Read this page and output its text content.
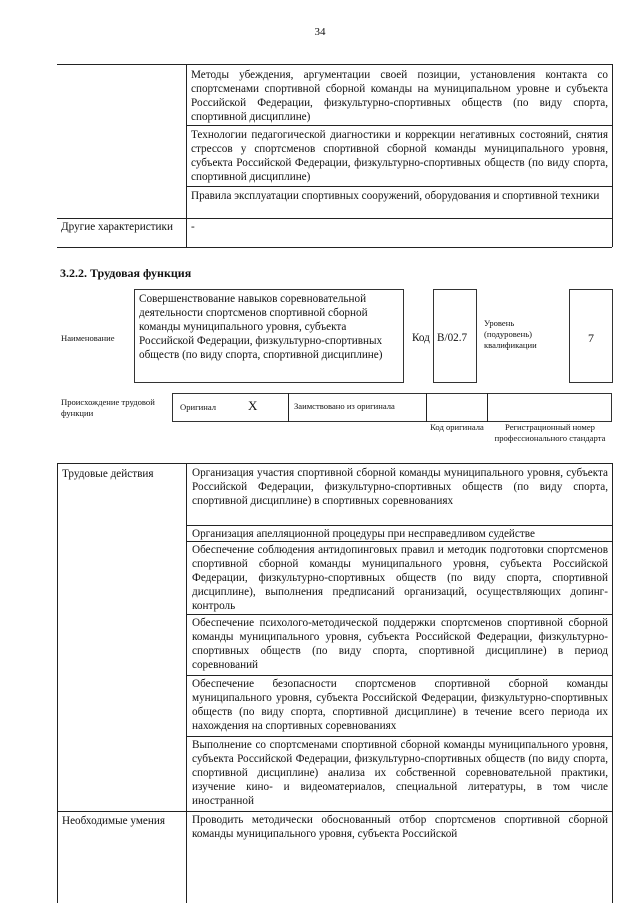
34
Методы убеждения, аргументации своей позиции, установления контакта со спортсменами спортивной сборной команды на муниципальном уровне и субъекта Российской Федерации, физкультурно-спортивных обществ (по виду спорта, спортивной дисциплине)
Технологии педагогической диагностики и коррекции негативных состояний, снятия стрессов у спортсменов спортивной сборной команды муниципального уровня, субъекта Российской Федерации, физкультурно-спортивных обществ (по виду спорта, спортивной дисциплине)
Правила эксплуатации спортивных сооружений, оборудования и спортивной техники
Другие характеристики	-
3.2.2. Трудовая функция
Наименование
Совершенствование навыков соревновательной деятельности спортсменов спортивной сборной команды муниципального уровня, субъекта Российской Федерации, физкультурно-спортивных обществ (по виду спорта, спортивной дисциплине)
Код B/02.7
Уровень (подуровень) квалификации	7
Происхождение трудовой функции
Оригинал X	Заимствовано из оригинала
Код оригинала	Регистрационный номер профессионального стандарта
Трудовые действия	Организация участия спортивной сборной команды муниципального уровня, субъекта Российской Федерации, физкультурно-спортивных обществ (по виду спорта, спортивной дисциплине) в спортивных соревнованиях
Организация апелляционной процедуры при несправедливом судействе
Обеспечение соблюдения антидопинговых правил и методик подготовки спортсменов спортивной сборной команды муниципального уровня, субъекта Российской Федерации, физкультурно-спортивных обществ (по виду спорта, спортивной дисциплине), выполнения предписаний организаций, осуществляющих допинг-контроль
Обеспечение психолого-методической поддержки спортсменов спортивной сборной команды муниципального уровня, субъекта Российской Федерации, физкультурно-спортивных обществ (по виду спорта, спортивной дисциплине) в период соревнований
Обеспечение безопасности спортсменов спортивной сборной команды муниципального уровня, субъекта Российской Федерации, физкультурно-спортивных обществ (по виду спорта, спортивной дисциплине) в течение всего периода их нахождения на спортивных соревнованиях
Выполнение со спортсменами спортивной сборной команды муниципального уровня, субъекта Российской Федерации, физкультурно-спортивных обществ (по виду спорта, спортивной дисциплине) анализа их собственной соревновательной практики, изучение кино- и видеоматериалов, специальной литературы, в том числе иностранной
Необходимые умения	Проводить методически обоснованный отбор спортсменов спортивной сборной команды муниципального уровня, субъекта Российской
